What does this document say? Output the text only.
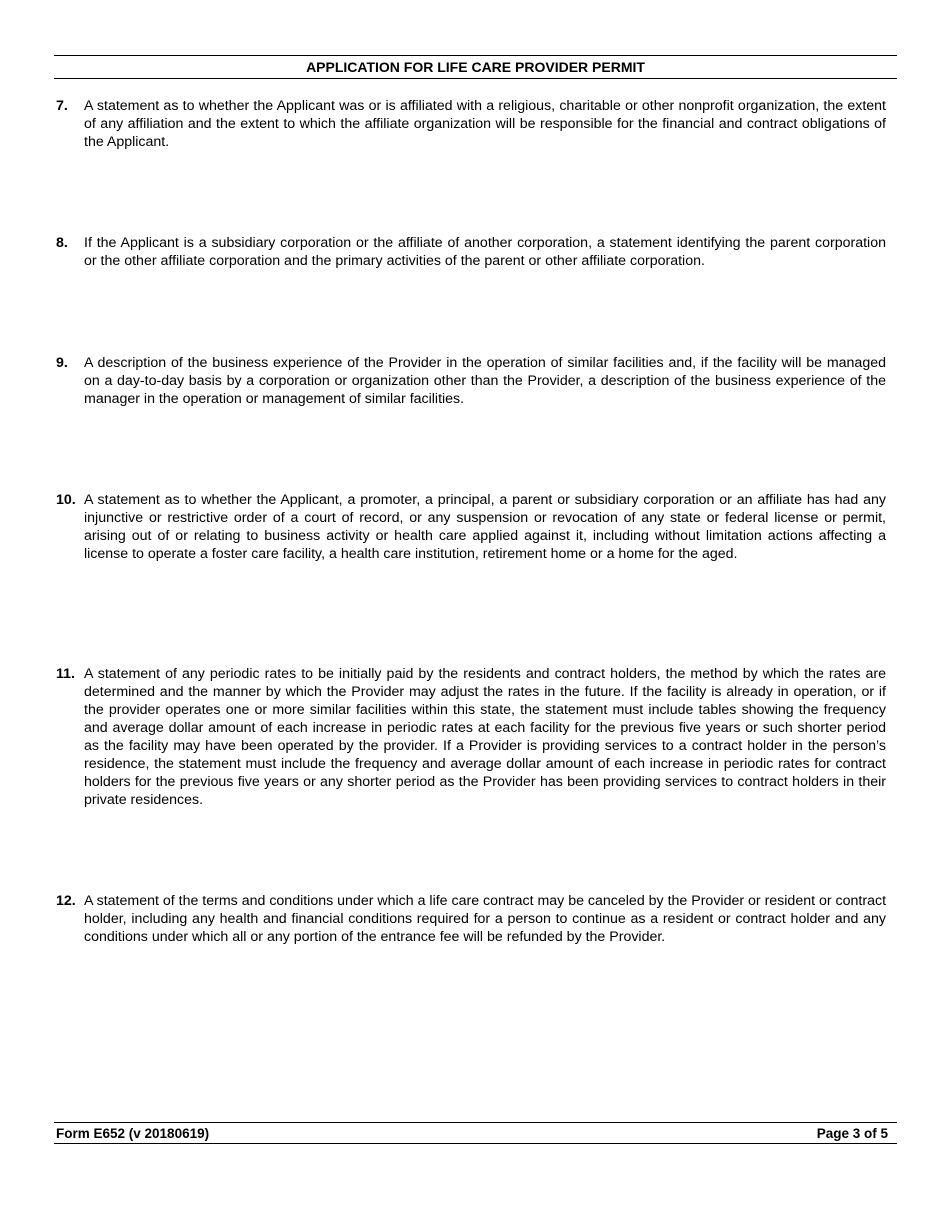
APPLICATION FOR LIFE CARE PROVIDER PERMIT
7.	A statement as to whether the Applicant was or is affiliated with a religious, charitable or other nonprofit organization, the extent of any affiliation and the extent to which the affiliate organization will be responsible for the financial and contract obligations of the Applicant.
8.	If the Applicant is a subsidiary corporation or the affiliate of another corporation, a statement identifying the parent corporation or the other affiliate corporation and the primary activities of the parent or other affiliate corporation.
9.	A description of the business experience of the Provider in the operation of similar facilities and, if the facility will be managed on a day-to-day basis by a corporation or organization other than the Provider, a description of the business experience of the manager in the operation or management of similar facilities.
10. A statement as to whether the Applicant, a promoter, a principal, a parent or subsidiary corporation or an affiliate has had any injunctive or restrictive order of a court of record, or any suspension or revocation of any state or federal license or permit, arising out of or relating to business activity or health care applied against it, including without limitation actions affecting a license to operate a foster care facility, a health care institution, retirement home or a home for the aged.
11. A statement of any periodic rates to be initially paid by the residents and contract holders, the method by which the rates are determined and the manner by which the Provider may adjust the rates in the future. If the facility is already in operation, or if the provider operates one or more similar facilities within this state, the statement must include tables showing the frequency and average dollar amount of each increase in periodic rates at each facility for the previous five years or such shorter period as the facility may have been operated by the provider. If a Provider is providing services to a contract holder in the person’s residence, the statement must include the frequency and average dollar amount of each increase in periodic rates for contract holders for the previous five years or any shorter period as the Provider has been providing services to contract holders in their private residences.
12. A statement of the terms and conditions under which a life care contract may be canceled by the Provider or resident or contract holder, including any health and financial conditions required for a person to continue as a resident or contract holder and any conditions under which all or any portion of the entrance fee will be refunded by the Provider.
Form E652 (v 20180619)	Page 3 of 5
